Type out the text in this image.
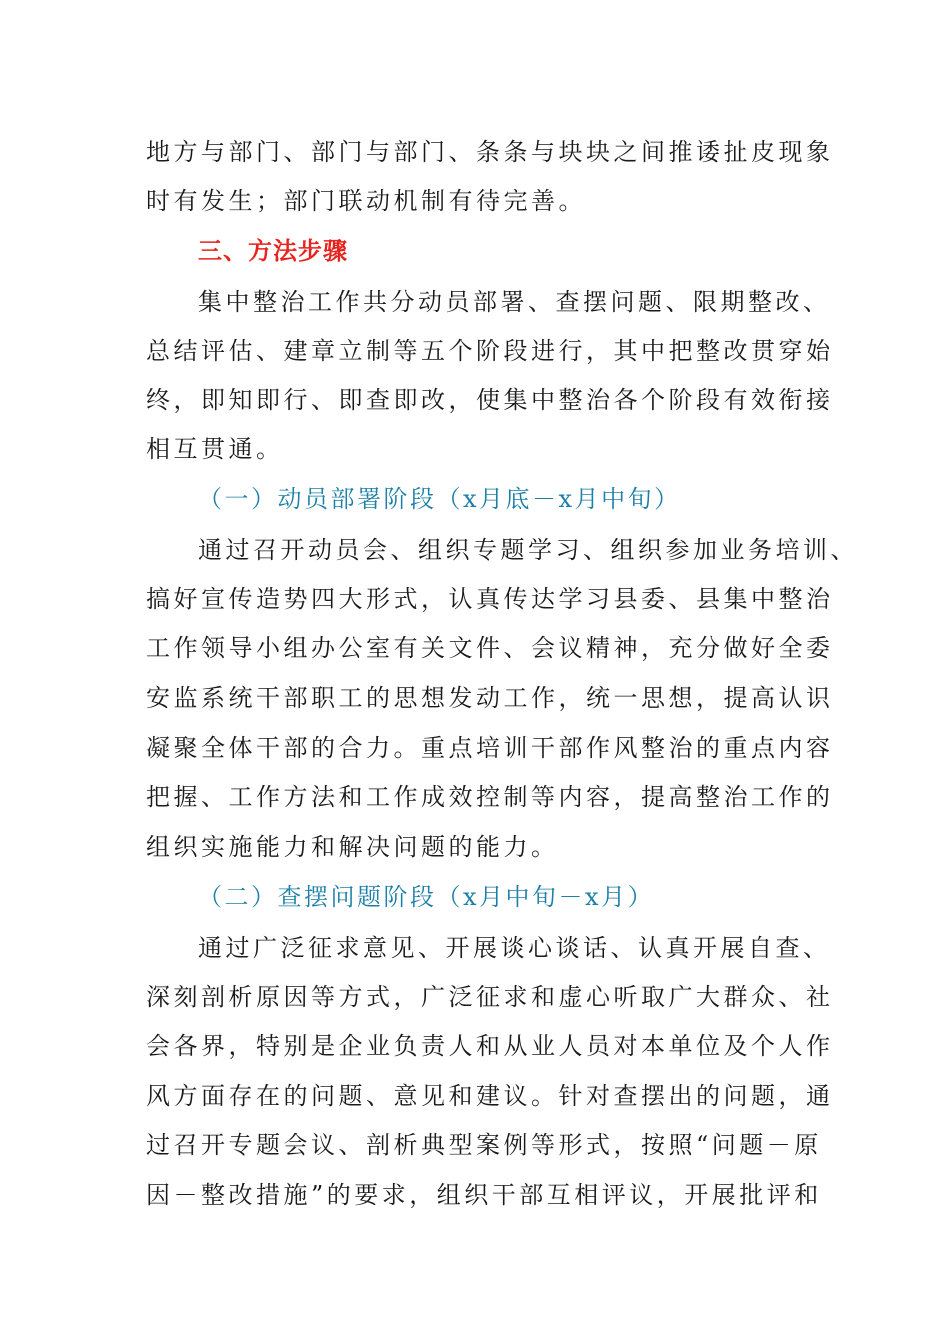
地方与部门、部门与部门、条条与块块之间推诿扯皮现象
时有发生；部门联动机制有待完善。
三、方法步骤
集中整治工作共分动员部署、查摆问题、限期整改、
总结评估、建章立制等五个阶段进行，其中把整改贯穿始
终，即知即行、即查即改，使集中整治各个阶段有效衔接
相互贯通。
（一）动员部署阶段（x月底－x月中旬）
通过召开动员会、组织专题学习、组织参加业务培训、
搞好宣传造势四大形式，认真传达学习县委、县集中整治
工作领导小组办公室有关文件、会议精神，充分做好全委
安监系统干部职工的思想发动工作，统一思想，提高认识
凝聚全体干部的合力。重点培训干部作风整治的重点内容
把握、工作方法和工作成效控制等内容，提高整治工作的
组织实施能力和解决问题的能力。
（二）查摆问题阶段（x月中旬－x月）
通过广泛征求意见、开展谈心谈话、认真开展自查、
深刻剖析原因等方式，广泛征求和虚心听取广大群众、社
会各界，特别是企业负责人和从业人员对本单位及个人作
风方面存在的问题、意见和建议。针对查摆出的问题，通
过召开专题会议、剖析典型案例等形式，按照“问题－原
因－整改措施”的要求，组织干部互相评议，开展批评和
